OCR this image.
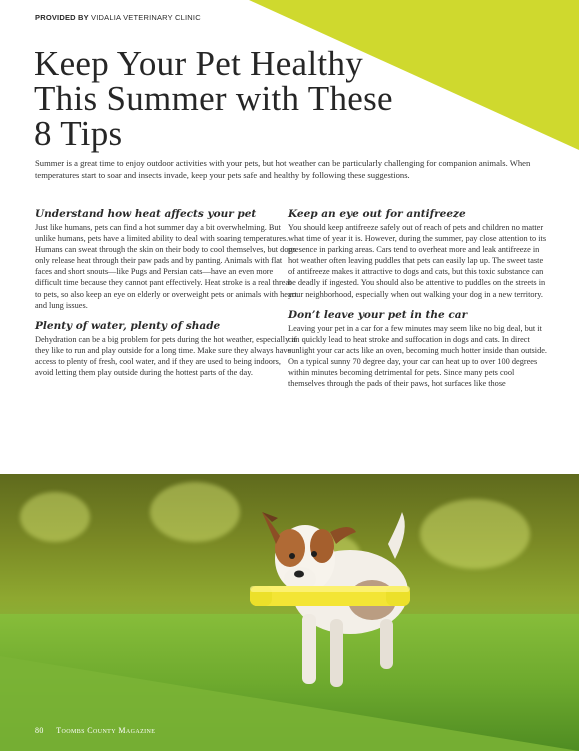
PROVIDED BY VIDALIA VETERINARY CLINIC
Keep Your Pet Healthy This Summer with These 8 Tips

Summer is a great time to enjoy outdoor activities with your pets, but hot weather can be particularly challenging for companion animals. When temperatures start to soar and insects invade, keep your pets safe and healthy by following these suggestions.

Understand how heat affects your pet

Just like humans, pets can find a hot summer day a bit overwhelming. But unlike humans, pets have a limited ability to deal with soaring temperatures. Humans can sweat through the skin on their body to cool themselves, but dogs only release heat through their paw pads and by panting. Animals with flat faces and short snouts—like Pugs and Persian cats—have an even more difficult time because they cannot pant effectively. Heat stroke is a real threat to pets, so also keep an eye on elderly or overweight pets or animals with heart and lung issues.

Plenty of water, plenty of shade

Dehydration can be a big problem for pets during the hot weather, especially if they like to run and play outside for a long time. Make sure they always have access to plenty of fresh, cool water, and if they are used to being indoors, avoid letting them play outside during the hottest parts of the day.

Keep an eye out for antifreeze

You should keep antifreeze safely out of reach of pets and children no matter what time of year it is. However, during the summer, pay close attention to its presence in parking areas. Cars tend to overheat more and leak antifreeze in hot weather often leaving puddles that pets can easily lap up. The sweet taste of antifreeze makes it attractive to dogs and cats, but this toxic substance can be deadly if ingested. You should also be attentive to puddles on the streets in your neighborhood, especially when out walking your dog in a new territory.

Don’t leave your pet in the car

Leaving your pet in a car for a few minutes may seem like no big deal, but it can quickly lead to heat stroke and suffocation in dogs and cats. In direct sunlight your car acts like an oven, becoming much hotter inside than outside. On a typical sunny 70 degree day, your car can heat up to over 100 degrees within minutes becoming detrimental for pets. Since many pets cool themselves through the pads of their paws, hot surfaces like those

80 Toombs County Magazine
